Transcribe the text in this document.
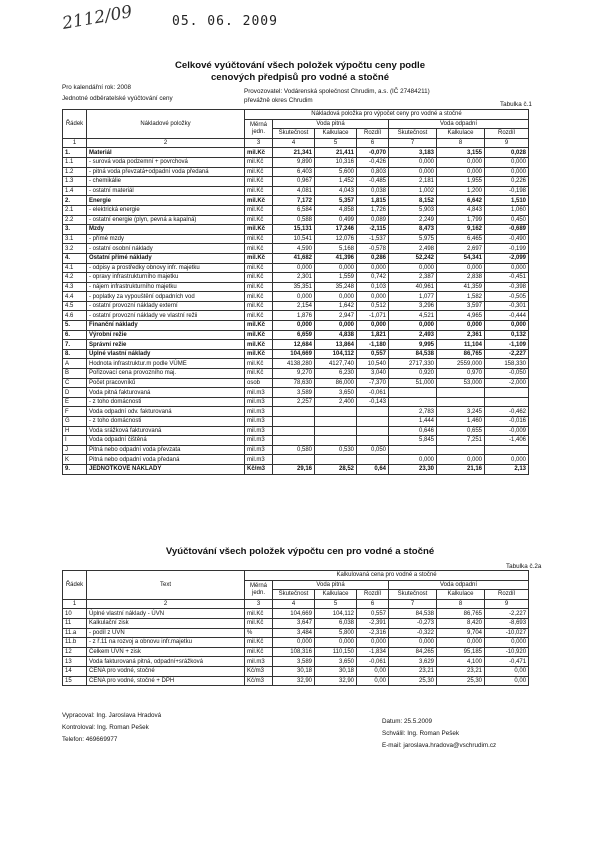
2112/09	05. 06. 2009
Celkové vyúčtování všech položek výpočtu ceny podle
cenových předpisů pro vodné a stočné
Pro kalendářní rok: 2008
Provozovatel: Vodárenská společnost Chrudim, a.s. (IČ 27484211)
Jednotné odběratelské vyúčtování ceny	převážně okres Chrudim
Tabulka č.1
Řádek	Nákladové položky	Nákladová položka pro výpočet ceny pro vodné a stočné						
		Měrná jedn.	Voda pitná			Voda odpadní		
			Skutečnost	Kalkulace	Rozdíl	Skutečnost	Kalkulace	Rozdíl
1	2	3	4	5	6	7	8	9
1.	Materiál	mil.Kč	21,341	21,411	-0,070	3,183	3,155	0,028
1.1	- surová voda podzemní + povrchová	mil.Kč	9,890	10,316	-0,426	0,000	0,000	0,000
1.2	- pitná voda převzatá+odpadní voda předaná	mil.Kč	6,403	5,600	0,803	0,000	0,000	0,000
1.3	- chemikálie	mil.Kč	0,967	1,452	-0,485	2,181	1,955	0,226
1.4	- ostatní materiál	mil.Kč	4,081	4,043	0,038	1,002	1,200	-0,198
2.	Energie	mil.Kč	7,172	5,357	1,815	8,152	6,642	1,510
2.1	- elektrická energie	mil.Kč	6,584	4,858	1,726	5,903	4,843	1,060
2.2	- ostatní energie (plyn, pevná a kapalná)	mil.Kč	0,588	0,499	0,089	2,249	1,799	0,450
3.	Mzdy	mil.Kč	15,131	17,246	-2,115	8,473	9,162	-0,689
3.1	- přímé mzdy	mil.Kč	10,541	12,076	-1,537	5,975	6,465	-0,490
3.2	- ostatní osobní náklady	mil.Kč	4,590	5,168	-0,578	2,498	2,697	-0,199
4.	Ostatní přímé náklady	mil.Kč	41,682	41,396	0,286	52,242	54,341	-2,099
4.1	- odpisy a prostředky obnovy infr. majetku	mil.Kč	0,000	0,000	0,000	0,000	0,000	0,000
4.2	- opravy infrastrukturního majetku	mil.Kč	2,301	1,559	0,742	2,387	2,838	-0,451
4.3	- nájem infrastrukturního majetku	mil.Kč	35,351	35,248	0,103	40,961	41,359	-0,398
4.4	- poplatky za vypouštění odpadních vod	mil.Kč	0,000	0,000	0,000	1,077	1,582	-0,505
4.5	- ostatní provozní náklady externí	mil.Kč	2,154	1,642	0,512	3,296	3,597	-0,301
4.6	- ostatní provozní náklady ve vlastní režii	mil.Kč	1,876	2,947	-1,071	4,521	4,965	-0,444
5.	Finanční náklady	mil.Kč	0,000	0,000	0,000	0,000	0,000	0,000
6.	Výrobní režie	mil.Kč	6,659	4,838	1,821	2,493	2,361	0,132
7.	Správní režie	mil.Kč	12,684	13,864	-1,180	9,995	11,104	-1,109
8.	Úplné vlastní náklady	mil.Kč	104,669	104,112	0,557	84,538	86,765	-2,227
A	Hodnota infrastruktur.m podle VÚME	mil.Kč	4138,280	4127,740	10,540	2717,330	2559,000	158,330
B	Pořizovací cena provozního maj.	mil.Kč	9,270	6,230	3,040	0,920	0,970	-0,050
C	Počet pracovníků	osob	78,630	86,000	-7,370	51,000	53,000	-2,000
D	Voda pitná fakturovaná	mil.m3	3,589	3,650	-0,061			
E	- z toho domácnosti	mil.m3	2,257	2,400	-0,143			
F	Voda odpadní odv. fakturovaná	mil.m3				2,783	3,245	-0,462
G	- z toho domácnosti	mil.m3				1,444	1,460	-0,016
H	Voda srážková fakturovaná	mil.m3				0,646	0,655	-0,009
I	Voda odpadní čištěná	mil.m3				5,845	7,251	-1,406
J	Pitná nebo odpadní voda převzata	mil.m3	0,580	0,530	0,050			
K	Pitná nebo odpadní voda předaná	mil.m3				0,000	0,000	0,000
9.	JEDNOTKOVÉ NÁKLADY	Kč/m3	29,16	28,52	0,64	23,30	21,16	2,13
Vyúčtování všech položek výpočtu cen pro vodné a stočné
Tabulka č.2a
Řádek	Text	Kalkulovaná cena pro vodné a stočné						
		Měrná jedn.	Voda pitná			Voda odpadní		
			Skutečnost	Kalkulace	Rozdíl	Skutečnost	Kalkulace	Rozdíl
1	2	3	4	5	6	7	8	9
10	Úplné vlastní náklady - ÚVN	mil.Kč	104,669	104,112	0,557	84,538	86,765	-2,227
11	Kalkulační zisk	mil.Kč	3,647	6,038	-2,391	-0,273	8,420	-8,693
11.a	- podíl z ÚVN	%	3,484	5,800	-2,316	-0,322	9,704	-10,027
11.b	- z ř.11 na rozvoj a obnovu infr.majetku	mil.Kč	0,000	0,000	0,000	0,000	0,000	0,000
12	Celkem ÚVN + zisk	mil.Kč	108,316	110,150	-1,834	84,265	95,185	-10,920
13	Voda fakturovaná pitná, odpadní+srážková	mil.m3	3,589	3,650	-0,061	3,629	4,100	-0,471
14	CENA pro vodné, stočné	Kč/m3	30,18	30,18	0,00	23,21	23,21	0,00
15	CENA pro vodné, stočné + DPH	Kč/m3	32,90	32,90	0,00	25,30	25,30	0,00
Vypracoval: Ing. Jaroslava Hradová
Kontroloval: Ing. Roman Pešek
Telefon: 469669977
Datum: 25.5.2009
Schválil: Ing. Roman Pešek
E-mail: jaroslava.hradova@vschrudim.cz
